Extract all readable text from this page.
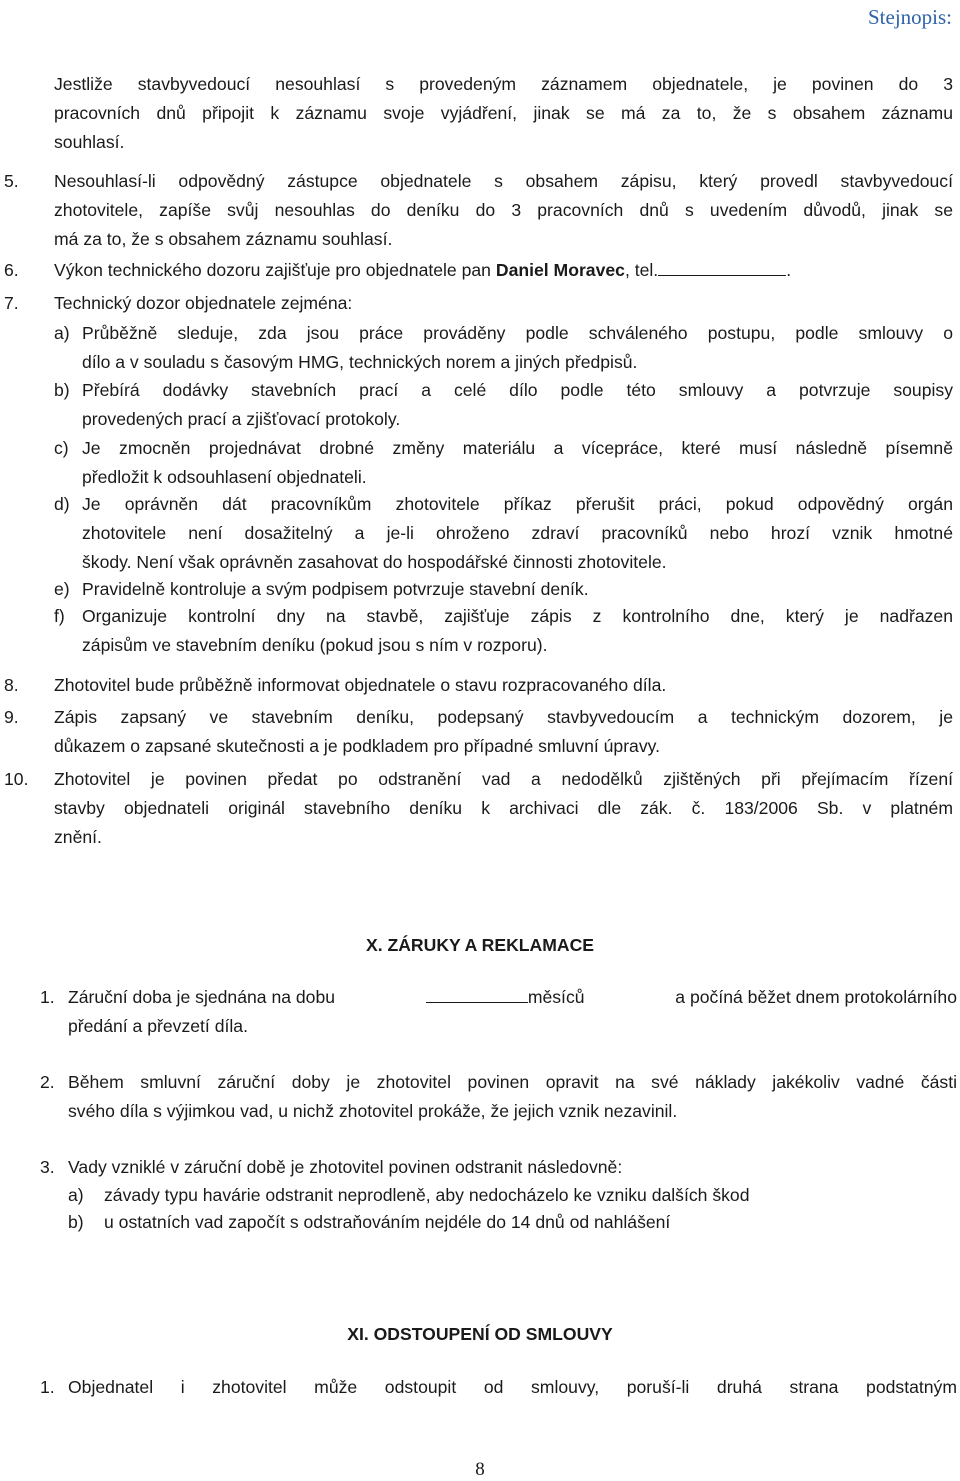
Stejnopis:
Jestliže stavbyvedoucí nesouhlasí s provedeným záznamem objednatele, je povinen do 3
pracovních dnů připojit k záznamu svoje vyjádření, jinak se má za to, že s obsahem záznamu
souhlasí.
5. Nesouhlasí-li odpovědný zástupce objednatele s obsahem zápisu, který provedl stavbyvedoucí
zhotovitele, zapíše svůj nesouhlas do deníku do 3 pracovních dnů s uvedením důvodů, jinak se
má za to, že s obsahem záznamu souhlasí.
6. Výkon technického dozoru zajišťuje pro objednatele pan Daniel Moravec, tel.	.
7. Technický dozor objednatele zejména:
a) Průběžně sleduje, zda jsou práce prováděny podle schváleného postupu, podle smlouvy o
dílo a v souladu s časovým HMG, technických norem a jiných předpisů.
b) Přebírá dodávky stavebních prací a celé dílo podle této smlouvy a potvrzuje soupisy
provedených prací a zjišťovací protokoly.
c) Je zmocněn projednávat drobné změny materiálu a vícepráce, které musí následně písemně
předložit k odsouhlasení objednateli.
d) Je oprávněn dát pracovníkům zhotovitele příkaz přerušit práci, pokud odpovědný orgán
zhotovitele není dosažitelný a je-li ohroženo zdraví pracovníků nebo hrozí vznik hmotné
škody. Není však oprávněn zasahovat do hospodářské činnosti zhotovitele.
e) Pravidelně kontroluje a svým podpisem potvrzuje stavební deník.
f) Organizuje kontrolní dny na stavbě, zajišťuje zápis z kontrolního dne, který je nadřazen
zápisům ve stavebním deníku (pokud jsou s ním v rozporu).
8. Zhotovitel bude průběžně informovat objednatele o stavu rozpracovaného díla.
9. Zápis zapsaný ve stavebním deníku, podepsaný stavbyvedoucím a technickým dozorem, je
důkazem o zapsané skutečnosti a je podkladem pro případné smluvní úpravy.
10. Zhotovitel je povinen předat po odstranění vad a nedodělků zjištěných při přejímacím řízení
stavby objednateli originál stavebního deníku k archivaci dle zák. č. 183/2006 Sb. v platném
znění.
X. ZÁRUKY A REKLAMACE
1. Záruční doba je sjednána na dobu	měsíců	a počíná běžet dnem protokolárního
předání a převzetí díla.
2. Během smluvní záruční doby je zhotovitel povinen opravit na své náklady jakékoliv vadné části
svého díla s výjimkou vad, u nichž zhotovitel prokáže, že jejich vznik nezavinil.
3. Vady vzniklé v záruční době je zhotovitel povinen odstranit následovně:
a) závady typu havárie odstranit neprodleně, aby nedocházelo ke vzniku dalších škod
b) u ostatních vad započít s odstraňováním nejdéle do 14 dnů od nahlášení
XI. ODSTOUPENÍ OD SMLOUVY
1. Objednatel i zhotovitel může odstoupit od smlouvy, poruší-li druhá strana podstatným
8
